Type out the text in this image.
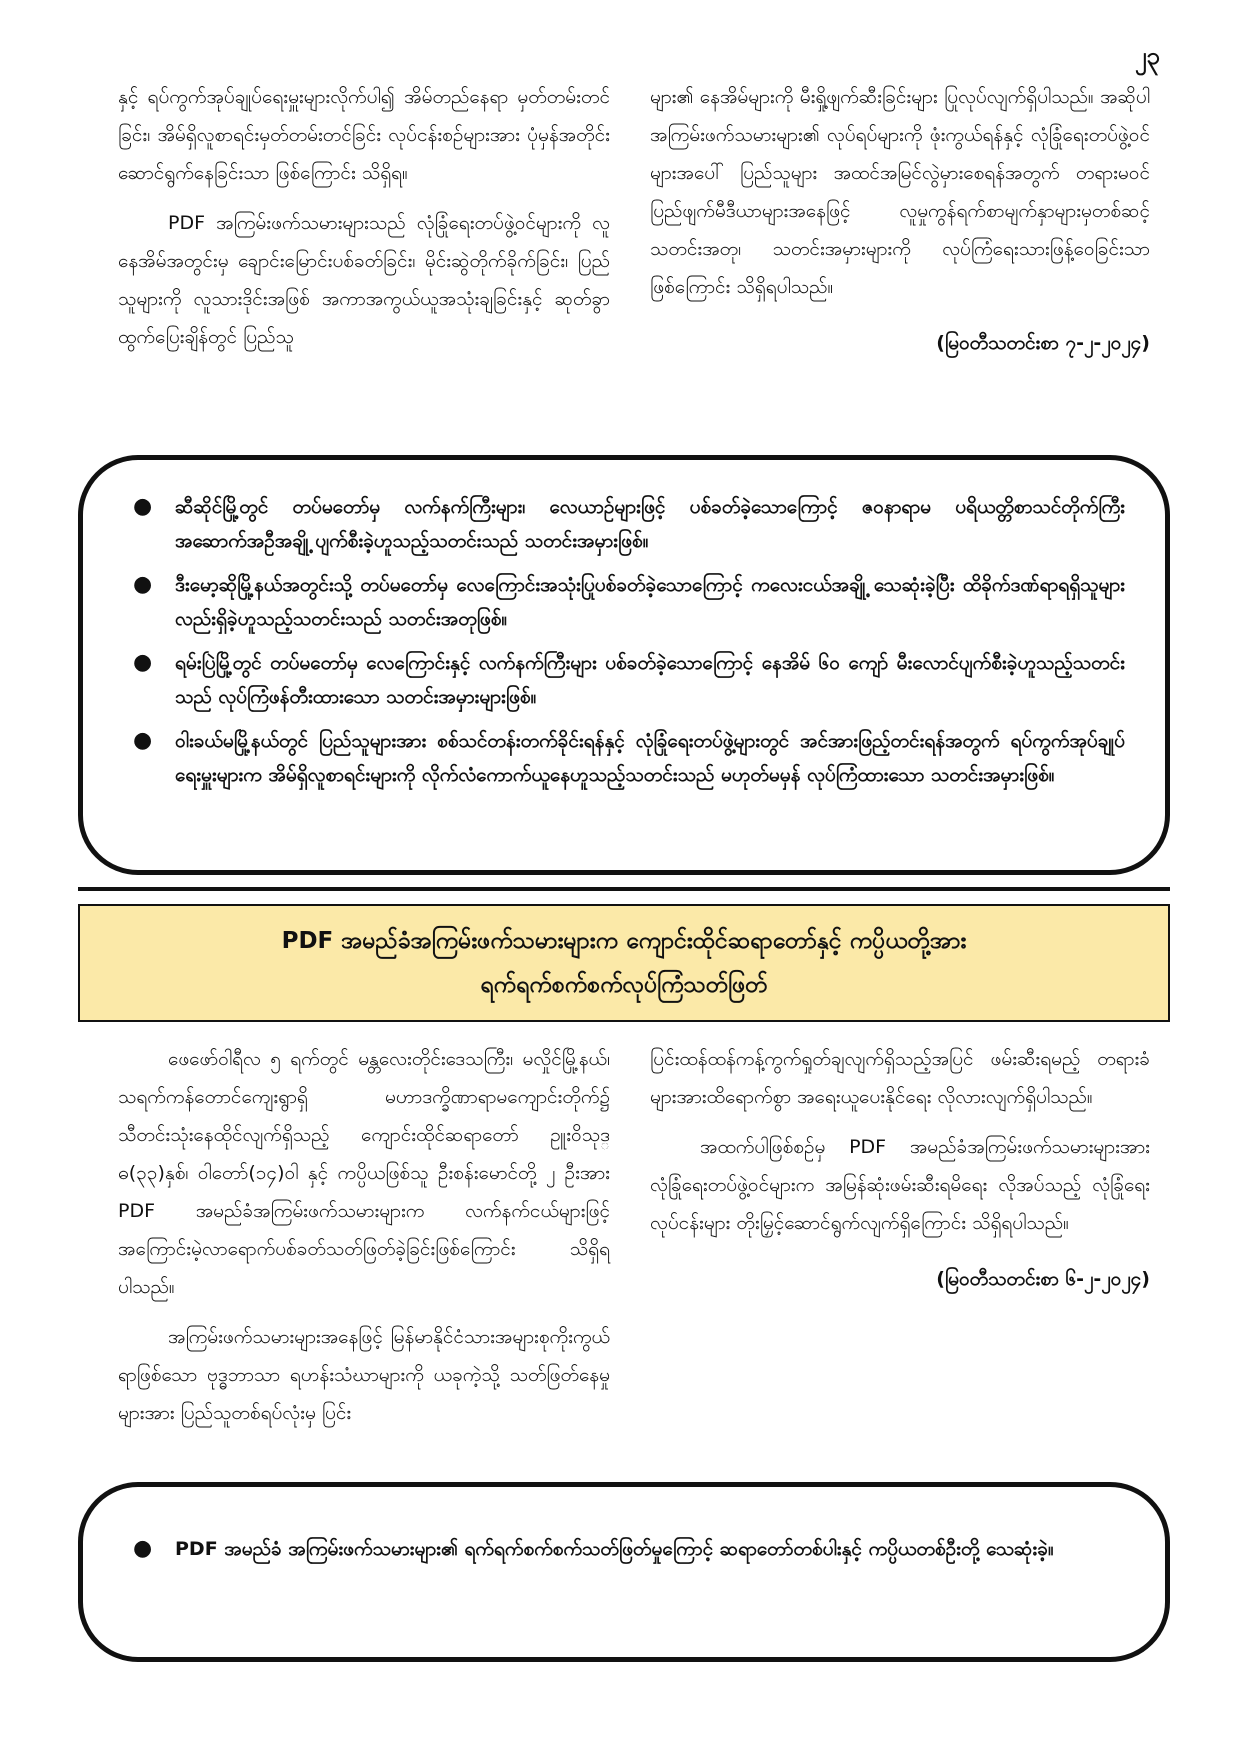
၂၃

နှင့် ရပ်ကွက်အုပ်ချုပ်ရေးမှူးများလိုက်ပါ၍ အိမ်တည်နေရာ မှတ်တမ်းတင်ခြင်း၊ အိမ်ရှိလူစာရင်းမှတ်တမ်းတင်ခြင်း လုပ်ငန်းစဉ်များအား ပုံမှန်အတိုင်းဆောင်ရွက်နေခြင်းသာ ဖြစ်ကြောင်း သိရှိရ။

PDF အကြမ်းဖက်သမားများသည် လုံခြုံရေးတပ်ဖွဲ့ဝင်များကို လူနေအိမ်အတွင်းမှ ချောင်းမြောင်းပစ်ခတ်ခြင်း၊ မိုင်းဆွဲတိုက်ခိုက်ခြင်း၊ ပြည်သူများကို လူသားဒိုင်းအဖြစ် အကာအကွယ်ယူအသုံးချခြင်းနှင့် ဆုတ်ခွာထွက်ပြေးချိန်တွင် ပြည်သူ

များ၏ နေအိမ်များကို မီးရှို့ဖျက်ဆီးခြင်းများ ပြုလုပ်လျက်ရှိပါသည်။ အဆိုပါအကြမ်းဖက်သမားများ၏ လုပ်ရပ်များကို ဖုံးကွယ်ရန်နှင့် လုံခြုံရေးတပ်ဖွဲ့ဝင်များအပေါ် ပြည်သူများ အထင်အမြင်လွဲမှားစေရန်အတွက် တရားမဝင်ပြည်ဖျက်မီဒီယာများအနေဖြင့် လူမှုကွန်ရက်စာမျက်နှာများမှတစ်ဆင့် သတင်းအတု၊ သတင်းအမှားများကို လုပ်ကြံရေးသားဖြန့်ဝေခြင်းသာ ဖြစ်ကြောင်း သိရှိရပါသည်။

(မြဝတီသတင်းစာ ၇-၂-၂၀၂၄)
● ဆီဆိုင်မြို့တွင် တပ်မတော်မှ လက်နက်ကြီးများ၊ လေယာဉ်များဖြင့် ပစ်ခတ်ခဲ့သောကြောင့် ဇဝနာရာမ ပရိယတ္တိစာသင်တိုက်ကြီး အဆောက်အဦအချို့ ပျက်စီးခဲ့ဟူသည့်သတင်းသည် သတင်းအမှားဖြစ်။
● ဒီးမော့ဆိုမြို့နယ်အတွင်းသို့ တပ်မတော်မှ လေကြောင်းအသုံးပြုပစ်ခတ်ခဲ့သောကြောင့် ကလေးငယ်အချို့ သေဆုံးခဲ့ပြီး ထိခိုက်ဒဏ်ရာရရှိသူများလည်းရှိခဲ့ဟူသည့်သတင်းသည် သတင်းအတုဖြစ်။
● ရမ်းပြဲမြို့တွင် တပ်မတော်မှ လေကြောင်းနှင့် လက်နက်ကြီးများ ပစ်ခတ်ခဲ့သောကြောင့် နေအိမ် ၆၀ ကျော် မီးလောင်ပျက်စီးခဲ့ဟူသည့်သတင်းသည် လုပ်ကြံဖန်တီးထားသော သတင်းအမှားများဖြစ်။
● ဝါးခယ်မမြို့နယ်တွင် ပြည်သူများအား စစ်သင်တန်းတက်ခိုင်းရန်နှင့် လုံခြုံရေးတပ်ဖွဲ့များတွင် အင်အားဖြည့်တင်းရန်အတွက် ရပ်ကွက်အုပ်ချုပ်ရေးမှူးများက အိမ်ရှိလူစာရင်းများကို လိုက်လံကောက်ယူနေဟူသည့်သတင်းသည် မဟုတ်မမှန် လုပ်ကြံထားသော သတင်းအမှားဖြစ်။
PDF အမည်ခံအကြမ်းဖက်သမားများက ကျောင်းထိုင်ဆရာတော်နှင့် ကပ္ပိယတို့အား
ရက်ရက်စက်စက်လုပ်ကြံသတ်ဖြတ်

ဖေဖော်ဝါရီလ ၅ ရက်တွင် မန္တလေးတိုင်းဒေသကြီး၊ မလှိုင်မြို့နယ်၊ သရက်ကန်တောင်ကျေးရွာရှိ မဟာဒက္ခိဏာရာမကျောင်းတိုက်၌ သီတင်းသုံးနေထိုင်လျက်ရှိသည့် ကျောင်းထိုင်ဆရာတော် ဥူးဝိသုဒ္ဓ(၃၃)နှစ်၊ ဝါတော်(၁၄)ဝါ နှင့် ကပ္ပိယဖြစ်သူ ဦးစန်းမောင်တို့ ၂ ဦးအား PDF အမည်ခံအကြမ်းဖက်သမားများက လက်နက်ငယ်များဖြင့် အကြောင်းမဲ့လာရောက်ပစ်ခတ်သတ်ဖြတ်ခဲ့ခြင်းဖြစ်ကြောင်း သိရှိရပါသည်။

အကြမ်းဖက်သမားများအနေဖြင့် မြန်မာနိုင်ငံသားအများစုကိုးကွယ်ရာဖြစ်သော ဗုဒ္ဓဘာသာ ရဟန်းသံဃာများကို ယခုကဲ့သို့ သတ်ဖြတ်နေမှုများအား ပြည်သူတစ်ရပ်လုံးမှ ပြင်း

ပြင်းထန်ထန်ကန့်ကွက်ရှုတ်ချလျက်ရှိသည့်အပြင် ဖမ်းဆီးရမည့် တရားခံများအားထိရောက်စွာ အရေးယူပေးနိုင်ရေး လိုလားလျက်ရှိပါသည်။

အထက်ပါဖြစ်စဉ်မှ PDF အမည်ခံအကြမ်းဖက်သမားများအား လုံခြုံရေးတပ်ဖွဲ့ဝင်များက အမြန်ဆုံးဖမ်းဆီးရမိရေး လိုအပ်သည့် လုံခြုံရေးလုပ်ငန်းများ တိုးမြှင့်ဆောင်ရွက်လျက်ရှိကြောင်း သိရှိရပါသည်။

(မြဝတီသတင်းစာ ၆-၂-၂၀၂၄)
● PDF အမည်ခံ အကြမ်းဖက်သမားများ၏ ရက်ရက်စက်စက်သတ်ဖြတ်မှုကြောင့် ဆရာတော်တစ်ပါးနှင့် ကပ္ပိယတစ်ဦးတို့ သေဆုံးခဲ့။
